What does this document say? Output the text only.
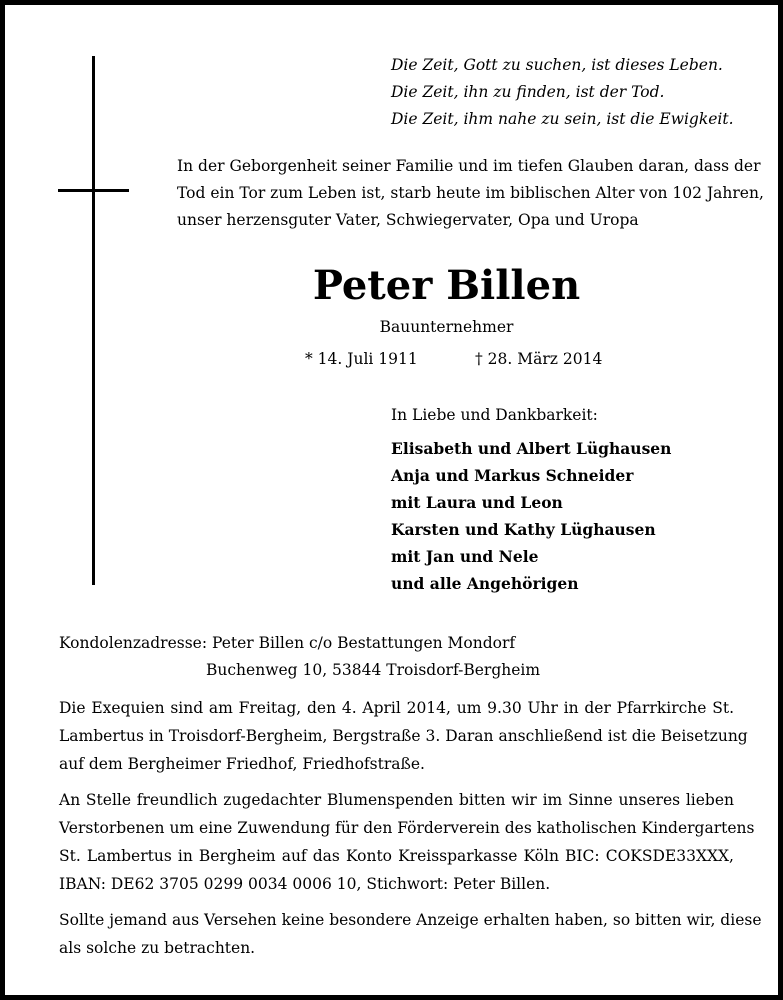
Die Zeit, Gott zu suchen, ist dieses Leben.
Die Zeit, ihn zu finden, ist der Tod.
Die Zeit, ihm nahe zu sein, ist die Ewigkeit.
In der Geborgenheit seiner Familie und im tiefen Glauben daran, dass der
Tod ein Tor zum Leben ist, starb heute im biblischen Alter von 102 Jahren,
unser herzensguter Vater, Schwiegervater, Opa und Uropa
Peter Billen
Bauunternehmer
* 14. Juli 1911	† 28. März 2014
In Liebe und Dankbarkeit:
Elisabeth und Albert Lüghausen
Anja und Markus Schneider
mit Laura und Leon
Karsten und Kathy Lüghausen
mit Jan und Nele
und alle Angehörigen
Kondolenzadresse: Peter Billen c/o Bestattungen Mondorf
Buchenweg 10, 53844 Troisdorf-Bergheim
Die Exequien sind am Freitag, den 4. April 2014, um 9.30 Uhr in der Pfarrkirche St.
Lambertus in Troisdorf-Bergheim, Bergstraße 3. Daran anschließend ist die Beisetzung
auf dem Bergheimer Friedhof, Friedhofstraße.
An Stelle freundlich zugedachter Blumenspenden bitten wir im Sinne unseres lieben
Verstorbenen um eine Zuwendung für den Förderverein des katholischen Kindergartens
St. Lambertus in Bergheim auf das Konto Kreissparkasse Köln BIC: COKSDE33XXX,
IBAN: DE62 3705 0299 0034 0006 10, Stichwort: Peter Billen.
Sollte jemand aus Versehen keine besondere Anzeige erhalten haben, so bitten wir, diese
als solche zu betrachten.
